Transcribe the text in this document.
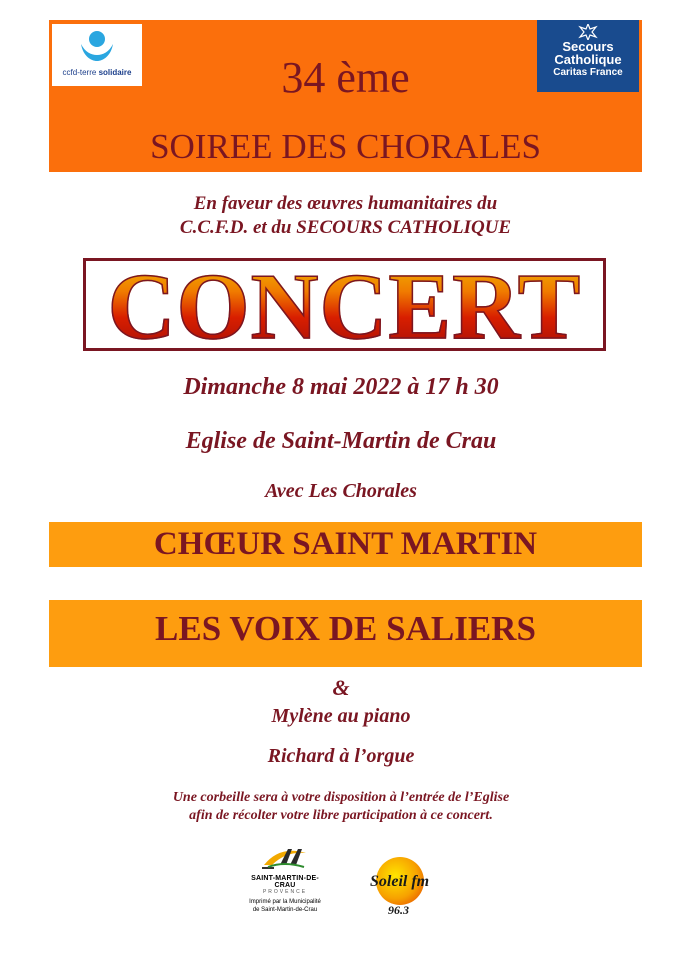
ccfd-terre solidaire
Secours
Catholique
Caritas France
34 ème
SOIREE DES CHORALES
En faveur des œuvres humanitaires du
C.C.F.D. et du SECOURS CATHOLIQUE
CONCERT
Dimanche 8 mai 2022 à 17 h 30
Eglise de Saint-Martin de Crau
Avec Les Chorales
CHŒUR SAINT MARTIN
LES VOIX DE SALIERS
&
Mylène au piano
Richard à l’orgue
Une corbeille sera à votre disposition à l’entrée de l’Eglise
afin de récolter votre libre participation à ce concert.
SAINT-MARTIN-DE-CRAU
PROVENCE
Imprimé par la Municipalité
de Saint-Martin-de-Crau
Soleil fm
96.3
